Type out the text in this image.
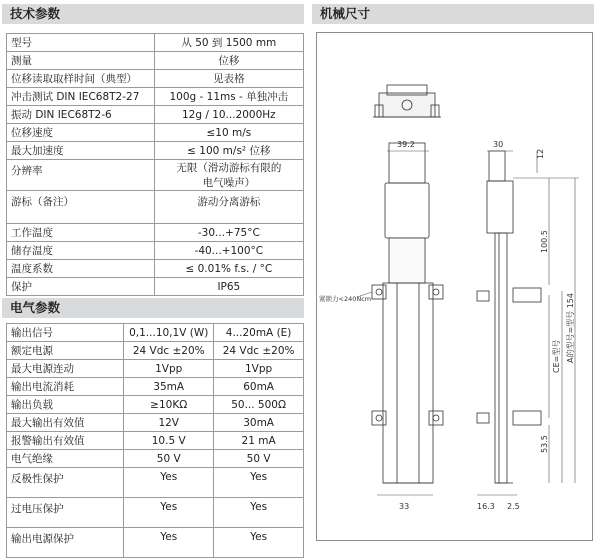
技术参数
型号	从 50 到 1500 mm
测量	位移
位移读取取样时间（典型）	见表格
冲击测试 DIN IEC68T2-27	100g - 11ms - 单独冲击
振动 DIN IEC68T2-6	12g / 10...2000Hz
位移速度	≤10 m/s
最大加速度	≤ 100 m/s² 位移
分辨率	无限（滑动游标有限的
电气噪声）

游标（备注）	游动分离游标
工作温度	-30...+75°C
储存温度	-40...+100°C
温度系数	≤ 0.01% f.s. / °C
保护	IP65
电气参数
输出信号	0,1...10,1V (W)	4...20mA (E)
额定电源	24 Vdc ±20%	24 Vdc ±20%
最大电源连动	1Vpp	1Vpp
输出电流消耗	35mA	60mA
输出负载	≥10KΩ	50... 500Ω
最大输出有效值	12V	30mA
报警输出有效值	10.5 V	21 mA
电气绝缘	50 V	50 V
反极性保护	Yes	Yes
过电压保护	Yes	Yes
输出电源保护	Yes	Yes
机械尺寸
39.2	30
12
100.5
53.5
CE=型号 A的型号=型号 154
33	16.3 2.5
紧锁力<240Ncm
